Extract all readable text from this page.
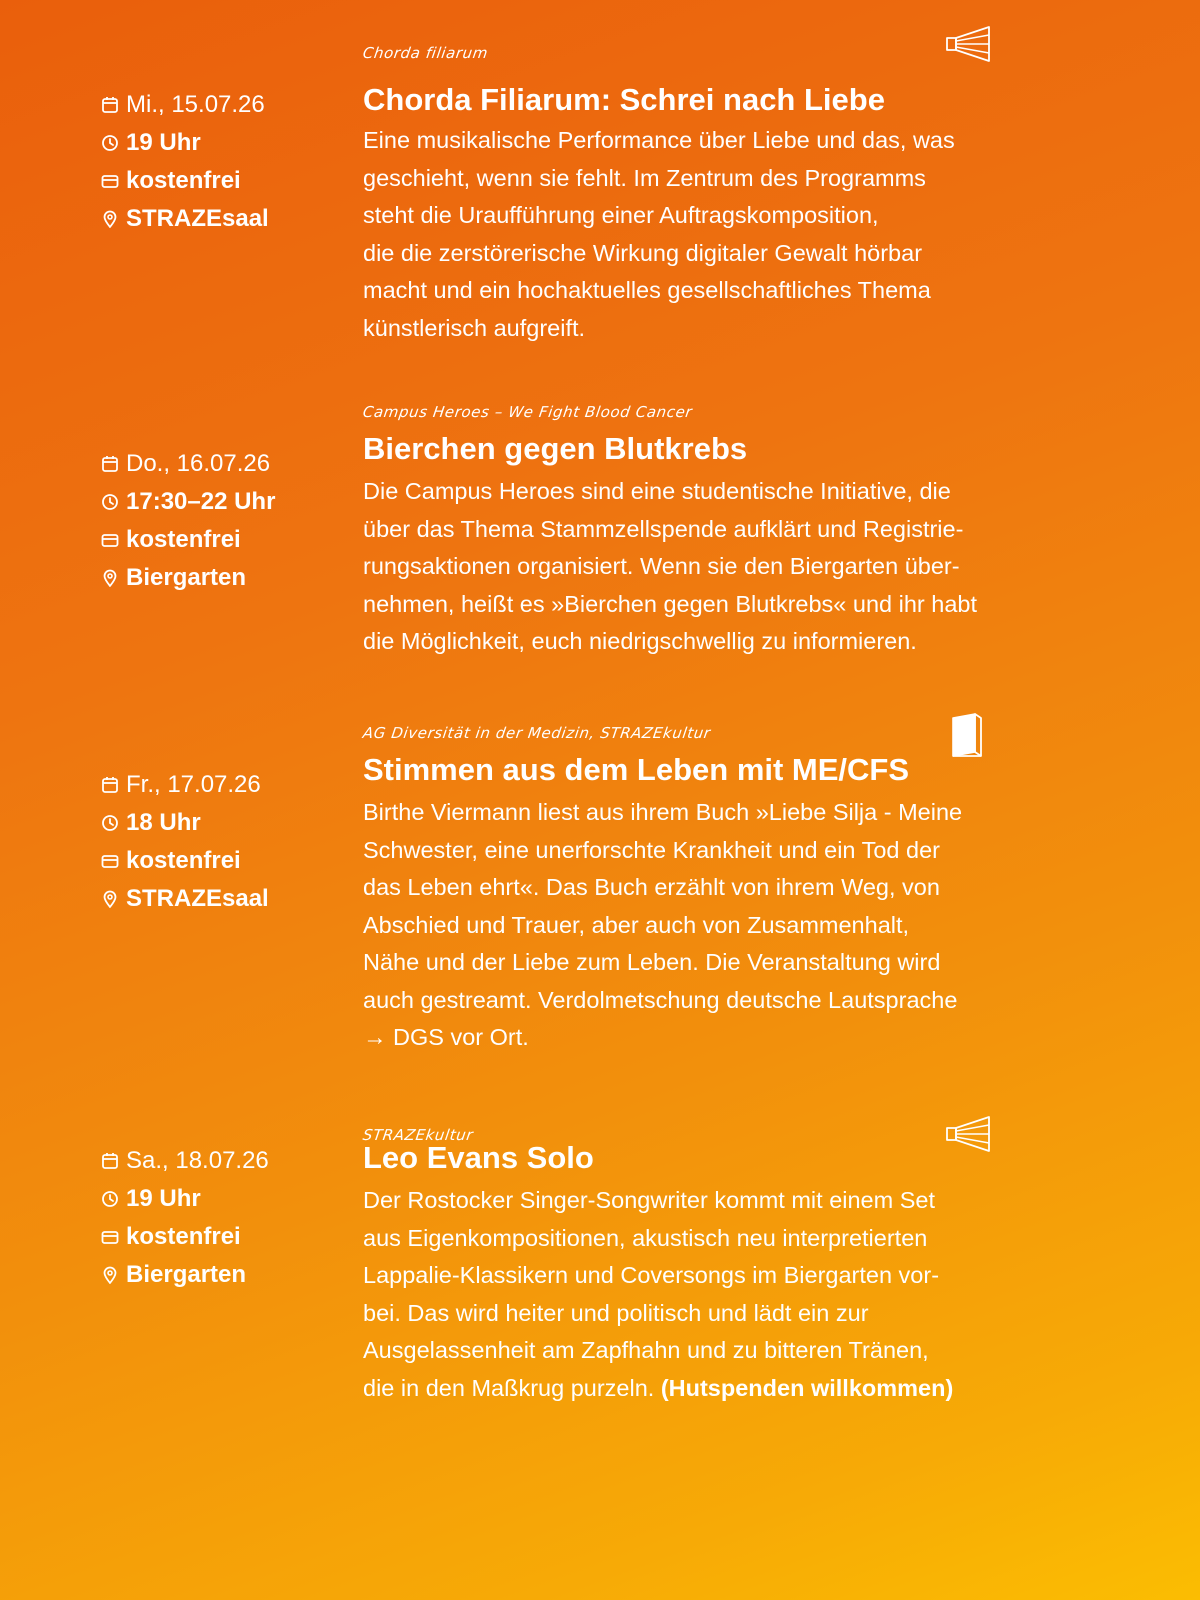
Chorda filiarum

Mi., 15.07.26
19 Uhr
kostenfrei
STRAZEsaal
Chorda Filiarum: Schrei nach Liebe

Eine musikalische Performance über Liebe und das, was
geschieht, wenn sie fehlt. Im Zentrum des Programms
steht die Uraufführung einer Auftragskomposition,
die die zerstörerische Wirkung digitaler Gewalt hörbar
macht und ein hochaktuelles gesellschaftliches Thema
künstlerisch aufgreift.

Campus Heroes – We Fight Blood Cancer

Do., 16.07.26
17:30–22 Uhr
kostenfrei
Biergarten
Bierchen gegen Blutkrebs

Die Campus Heroes sind eine studentische Initiative, die
über das Thema Stammzellspende aufklärt und Registrie-
rungsaktionen organisiert. Wenn sie den Biergarten über-
nehmen, heißt es »Bierchen gegen Blutkrebs« und ihr habt
die Möglichkeit, euch niedrigschwellig zu informieren.

AG Diversität in der Medizin, STRAZEkultur

Fr., 17.07.26
18 Uhr
kostenfrei
STRAZEsaal
Stimmen aus dem Leben mit ME/CFS

Birthe Viermann liest aus ihrem Buch »Liebe Silja - Meine
Schwester, eine unerforschte Krankheit und ein Tod der
das Leben ehrt«. Das Buch erzählt von ihrem Weg, von
Abschied und Trauer, aber auch von Zusammenhalt,
Nähe und der Liebe zum Leben. Die Veranstaltung wird
auch gestreamt. Verdolmetschung deutsche Lautsprache
→ DGS vor Ort.

STRAZEkultur

Sa., 18.07.26
19 Uhr
kostenfrei
Biergarten
Leo Evans Solo

Der Rostocker Singer-Songwriter kommt mit einem Set
aus Eigenkompositionen, akustisch neu interpretierten
Lappalie-Klassikern und Coversongs im Biergarten vor-
bei. Das wird heiter und politisch und lädt ein zur
Ausgelassenheit am Zapfhahn und zu bitteren Tränen,
die in den Maßkrug purzeln. (Hutspenden willkommen)
